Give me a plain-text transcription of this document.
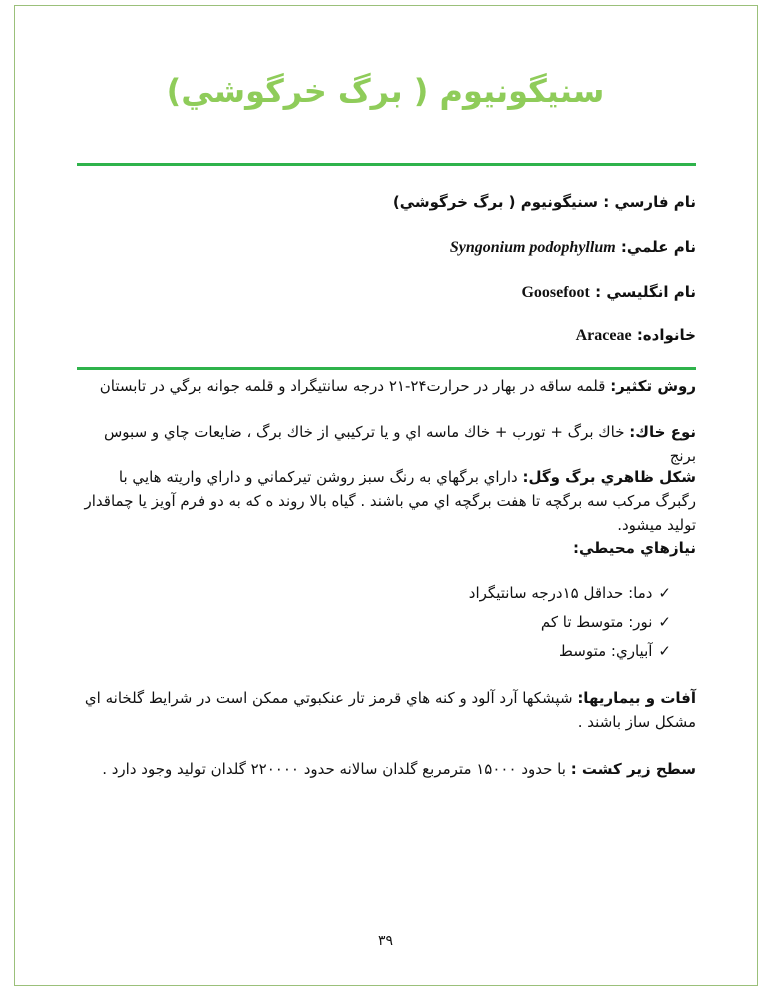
سنيگونيوم ( برگ خرگوشي)
نام فارسي : سنيگونيوم ( برگ خرگوشي)
نام علمي: Syngonium podophyllum
نام انگليسي : Goosefoot
خانواده: Araceae
روش تكثير: قلمه ساقه در بهار در حرارت۲۴-۲۱ درجه سانتيگراد و قلمه جوانه برگي در تابستان
نوع خاك: خاك برگ + تورب + خاك ماسه اي و يا تركيبي از خاك برگ ، ضايعات چاي و سبوس برنج
شكل ظاهري برگ وگل: داراي برگهاي به رنگ سبز روشن تيركماني و داراي واريته هايي با رگبرگ مركب سه برگچه تا هفت برگچه اي مي باشند . گياه بالا روند ه كه به دو فرم آويز يا چماقدار توليد ميشود.
نيازهاي محيطي:
✓دما: حداقل ۱۵درجه سانتيگراد
✓نور: متوسط تا كم
✓آبياري: متوسط
آفات و بيماريها: شپشكها آرد آلود و كنه هاي قرمز تار عنكبوتي ممكن است در شرايط گلخانه اي مشكل ساز باشند .
سطح زير كشت : با حدود ۱۵۰۰۰ مترمربع گلدان سالانه حدود ۲۲۰۰۰۰ گلدان توليد وجود دارد .
۳۹
